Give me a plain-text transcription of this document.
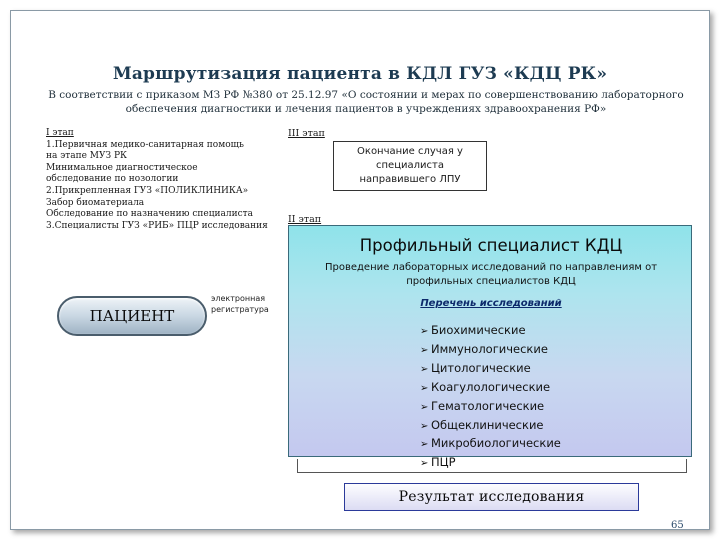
Маршрутизация пациента в КДЛ ГУЗ «КДЦ РК»
В соответствии с приказом МЗ РФ №380 от 25.12.97 «О состоянии и мерах по совершенствованию лабораторного обеспечения диагностики и лечения пациентов в учреждениях здравоохранения РФ»
I этап
1.Первичная медико-санитарная помощь
на этапе МУЗ РК
Минимальное диагностическое
обследование по нозологии
2.Прикрепленная ГУЗ «ПОЛИКЛИНИКА»
Забор биоматериала
Обследование по назначению специалиста
3.Специалисты ГУЗ «РИБ» ПЦР исследования
III этап
Окончание случая у
специалиста
направившего ЛПУ
II этап
Профильный специалист КДЦ
Проведение лабораторных исследований по направлениям от профильных специалистов КДЦ
Перечень исследований
➢ Биохимические
➢ Иммунологические
➢ Цитологические
➢ Коагулологические
➢ Гематологические
➢ Общеклинические
➢ Микробиологические
➢ ПЦР
ПАЦИЕНТ
электронная
регистратура
Результат исследования
65
